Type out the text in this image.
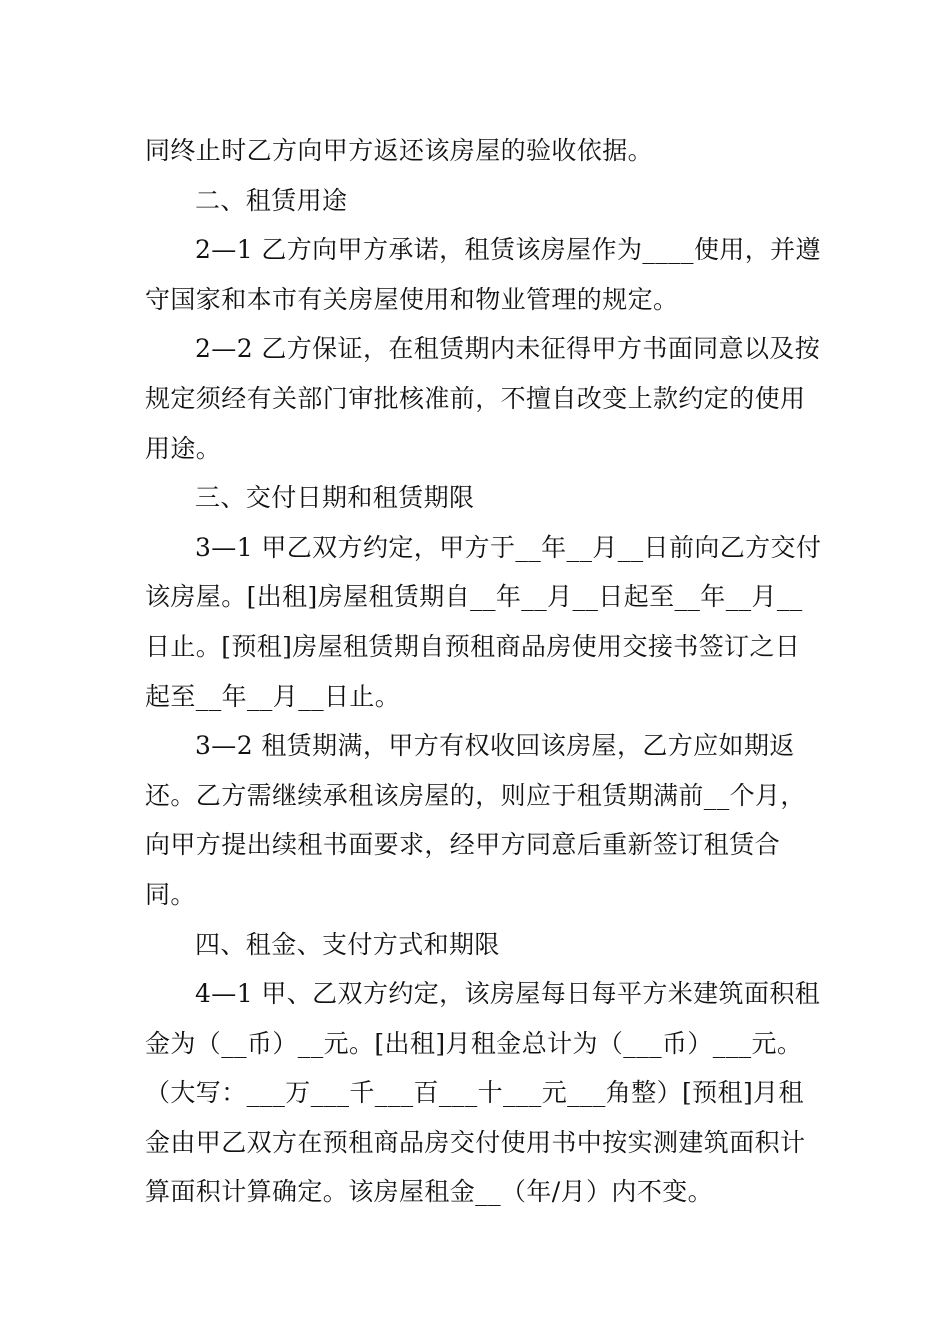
同终止时乙方向甲方返还该房屋的验收依据。

二、租赁用途

2—1 乙方向甲方承诺，租赁该房屋作为____使用，并遵守国家和本市有关房屋使用和物业管理的规定。

2—2 乙方保证，在租赁期内未征得甲方书面同意以及按规定须经有关部门审批核准前，不擅自改变上款约定的使用用途。

三、交付日期和租赁期限

3—1 甲乙双方约定，甲方于__年__月__日前向乙方交付该房屋。[出租]房屋租赁期自__年__月__日起至__年__月__日止。[预租]房屋租赁期自预租商品房使用交接书签订之日起至__年__月__日止。

3—2 租赁期满，甲方有权收回该房屋，乙方应如期返还。乙方需继续承租该房屋的，则应于租赁期满前__个月，向甲方提出续租书面要求，经甲方同意后重新签订租赁合同。

四、租金、支付方式和期限

4—1 甲、乙双方约定，该房屋每日每平方米建筑面积租金为（__币）__元。[出租]月租金总计为（___币）___元。（大写：___万___千___百___十___元___角整）[预租]月租金由甲乙双方在预租商品房交付使用书中按实测建筑面积计算面积计算确定。该房屋租金__（年/月）内不变。
